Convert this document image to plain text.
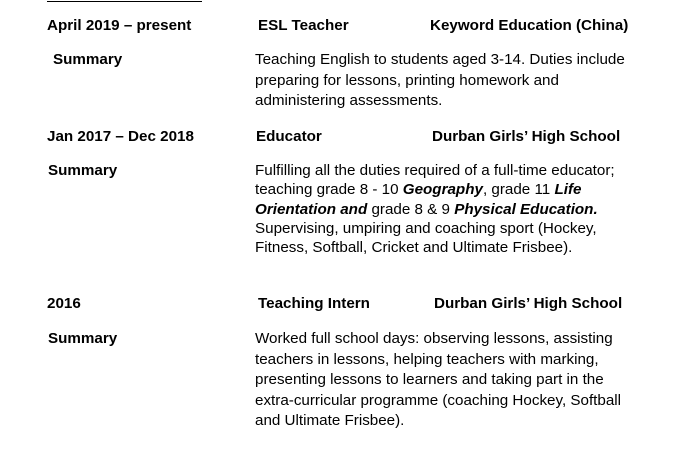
April 2019 – present	ESL Teacher	Keyword Education (China)
Summary	Teaching English to students aged 3-14. Duties include
preparing for lessons, printing homework and
administering assessments.
Jan 2017 – Dec 2018	Educator	Durban Girls’ High School
Summary	Fulfilling all the duties required of a full-time educator;
teaching grade 8 - 10 Geography, grade 11 Life
Orientation and grade 8 & 9 Physical Education.
Supervising, umpiring and coaching sport (Hockey,
Fitness, Softball, Cricket and Ultimate Frisbee).
2016	Teaching Intern	Durban Girls’ High School
Summary	Worked full school days: observing lessons, assisting
teachers in lessons, helping teachers with marking,
presenting lessons to learners and taking part in the
extra-curricular programme (coaching Hockey, Softball
and Ultimate Frisbee).
